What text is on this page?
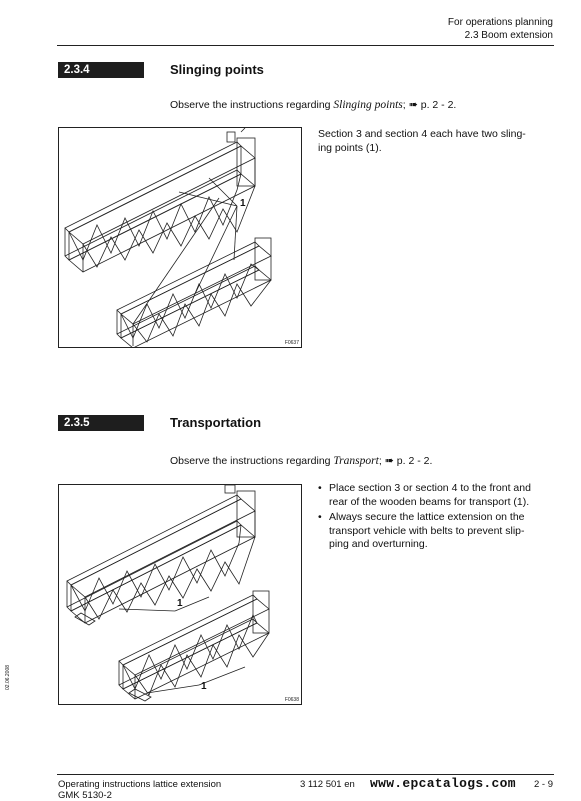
For operations planning
2.3 Boom extension
2.3.4	Slinging points
Observe the instructions regarding Slinging points; ➠ p. 2 - 2.
1
F0637
Section 3 and section 4 each have two sling-
ing points (1).
2.3.5	Transportation
Observe the instructions regarding Transport; ➠ p. 2 - 2.
1
1
F0638
• Place section 3 or section 4 to the front and
rear of the wooden beams for transport (1).
• Always secure the lattice extension on the
transport vehicle with belts to prevent slip-
ping and overturning.
02.06.2008
Operating instructions lattice extension
GMK 5130-2
3 112 501 en www.epcatalogs.com 2 - 9
